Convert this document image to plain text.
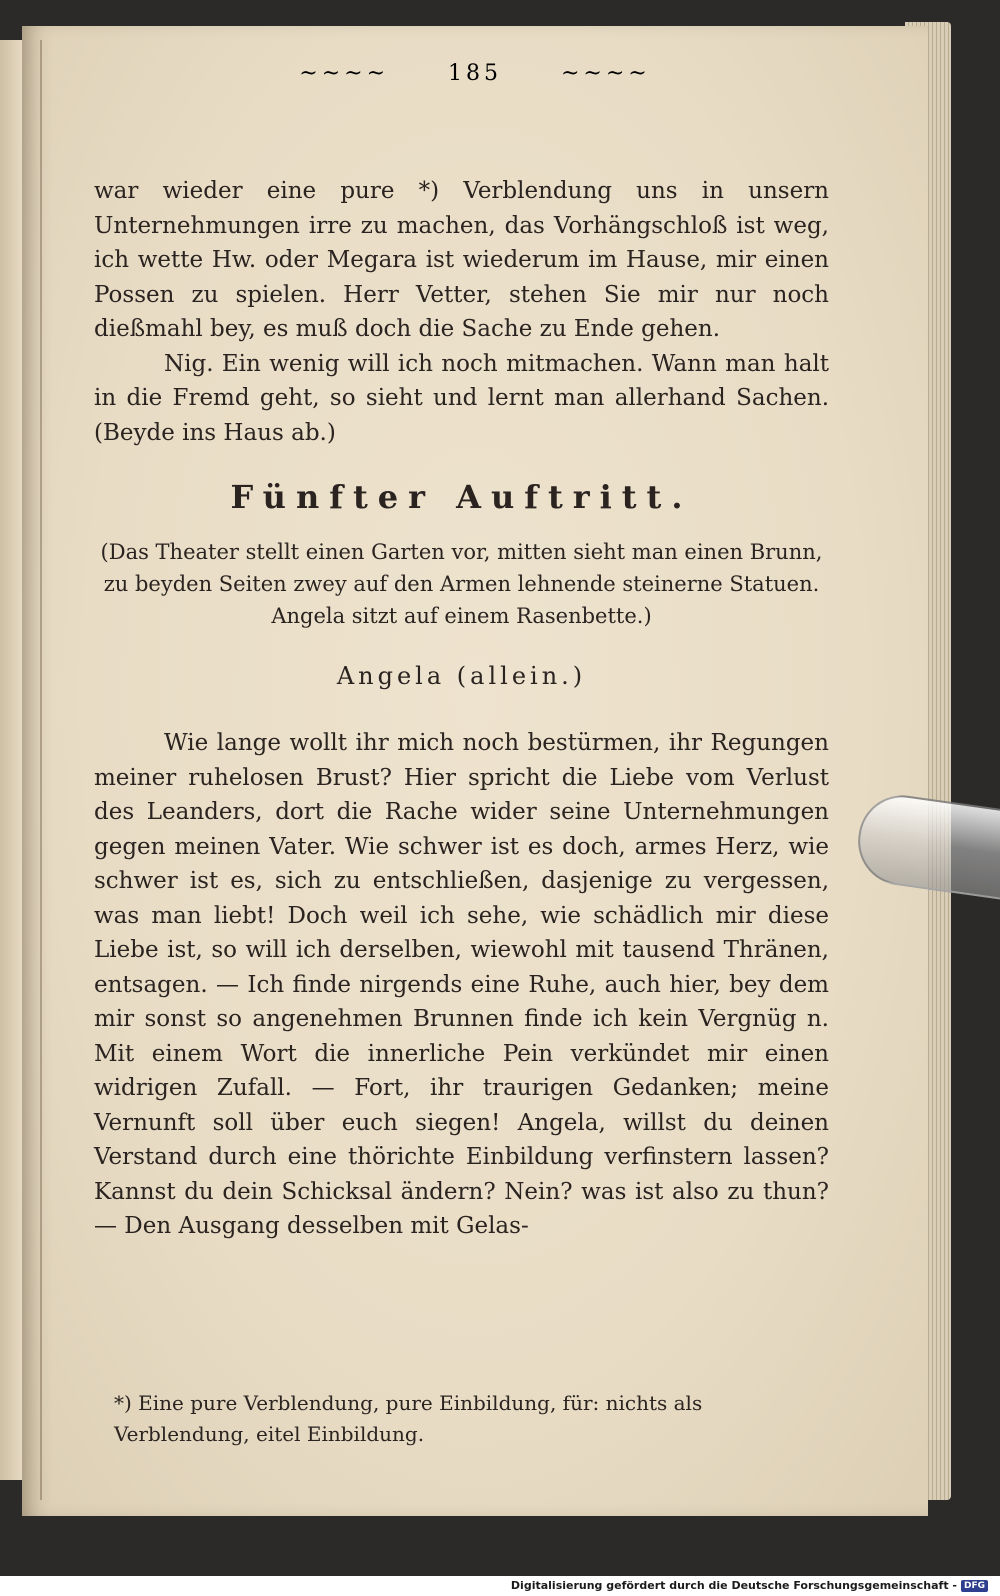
~~~~	185	~~~~

war wieder eine pure *) Verblendung uns in unsern Unternehmungen irre zu machen, das Vorhängschloß ist weg, ich wette Hw. oder Megara ist wiederum im Hause, mir einen Possen zu spielen. Herr Vetter, stehen Sie mir nur noch dießmahl bey, es muß doch die Sache zu Ende gehen.

Nig. Ein wenig will ich noch mitmachen. Wann man halt in die Fremd geht, so sieht und lernt man allerhand Sachen. (Beyde ins Haus ab.)

Fünfter Auftritt.

(Das Theater stellt einen Garten vor, mitten sieht man einen Brunn, zu beyden Seiten zwey auf den Armen lehnende steinerne Statuen. Angela sitzt auf einem Rasenbette.)

Angela (allein.)

Wie lange wollt ihr mich noch bestürmen, ihr Regungen meiner ruhelosen Brust? Hier spricht die Liebe vom Verlust des Leanders, dort die Rache wider seine Unternehmungen gegen meinen Vater. Wie schwer ist es doch, armes Herz, wie schwer ist es, sich zu entschließen, dasjenige zu vergessen, was man liebt! Doch weil ich sehe, wie schädlich mir diese Liebe ist, so will ich derselben, wiewohl mit tausend Thränen, entsagen. — Ich finde nirgends eine Ruhe, auch hier, bey dem mir sonst so angenehmen Brunnen finde ich kein Vergnüg n. Mit einem Wort die innerliche Pein verkündet mir einen widrigen Zufall. — Fort, ihr traurigen Gedanken; meine Vernunft soll über euch siegen! Angela, willst du deinen Verstand durch eine thörichte Einbildung verfinstern lassen? Kannst du dein Schicksal ändern? Nein? was ist also zu thun? — Den Ausgang desselben mit Gelas-

*) Eine pure Verblendung, pure Einbildung, für: nichts als Verblendung, eitel Einbildung.
Digitalisierung gefördert durch die Deutsche Forschungsgemeinschaft - DFG
